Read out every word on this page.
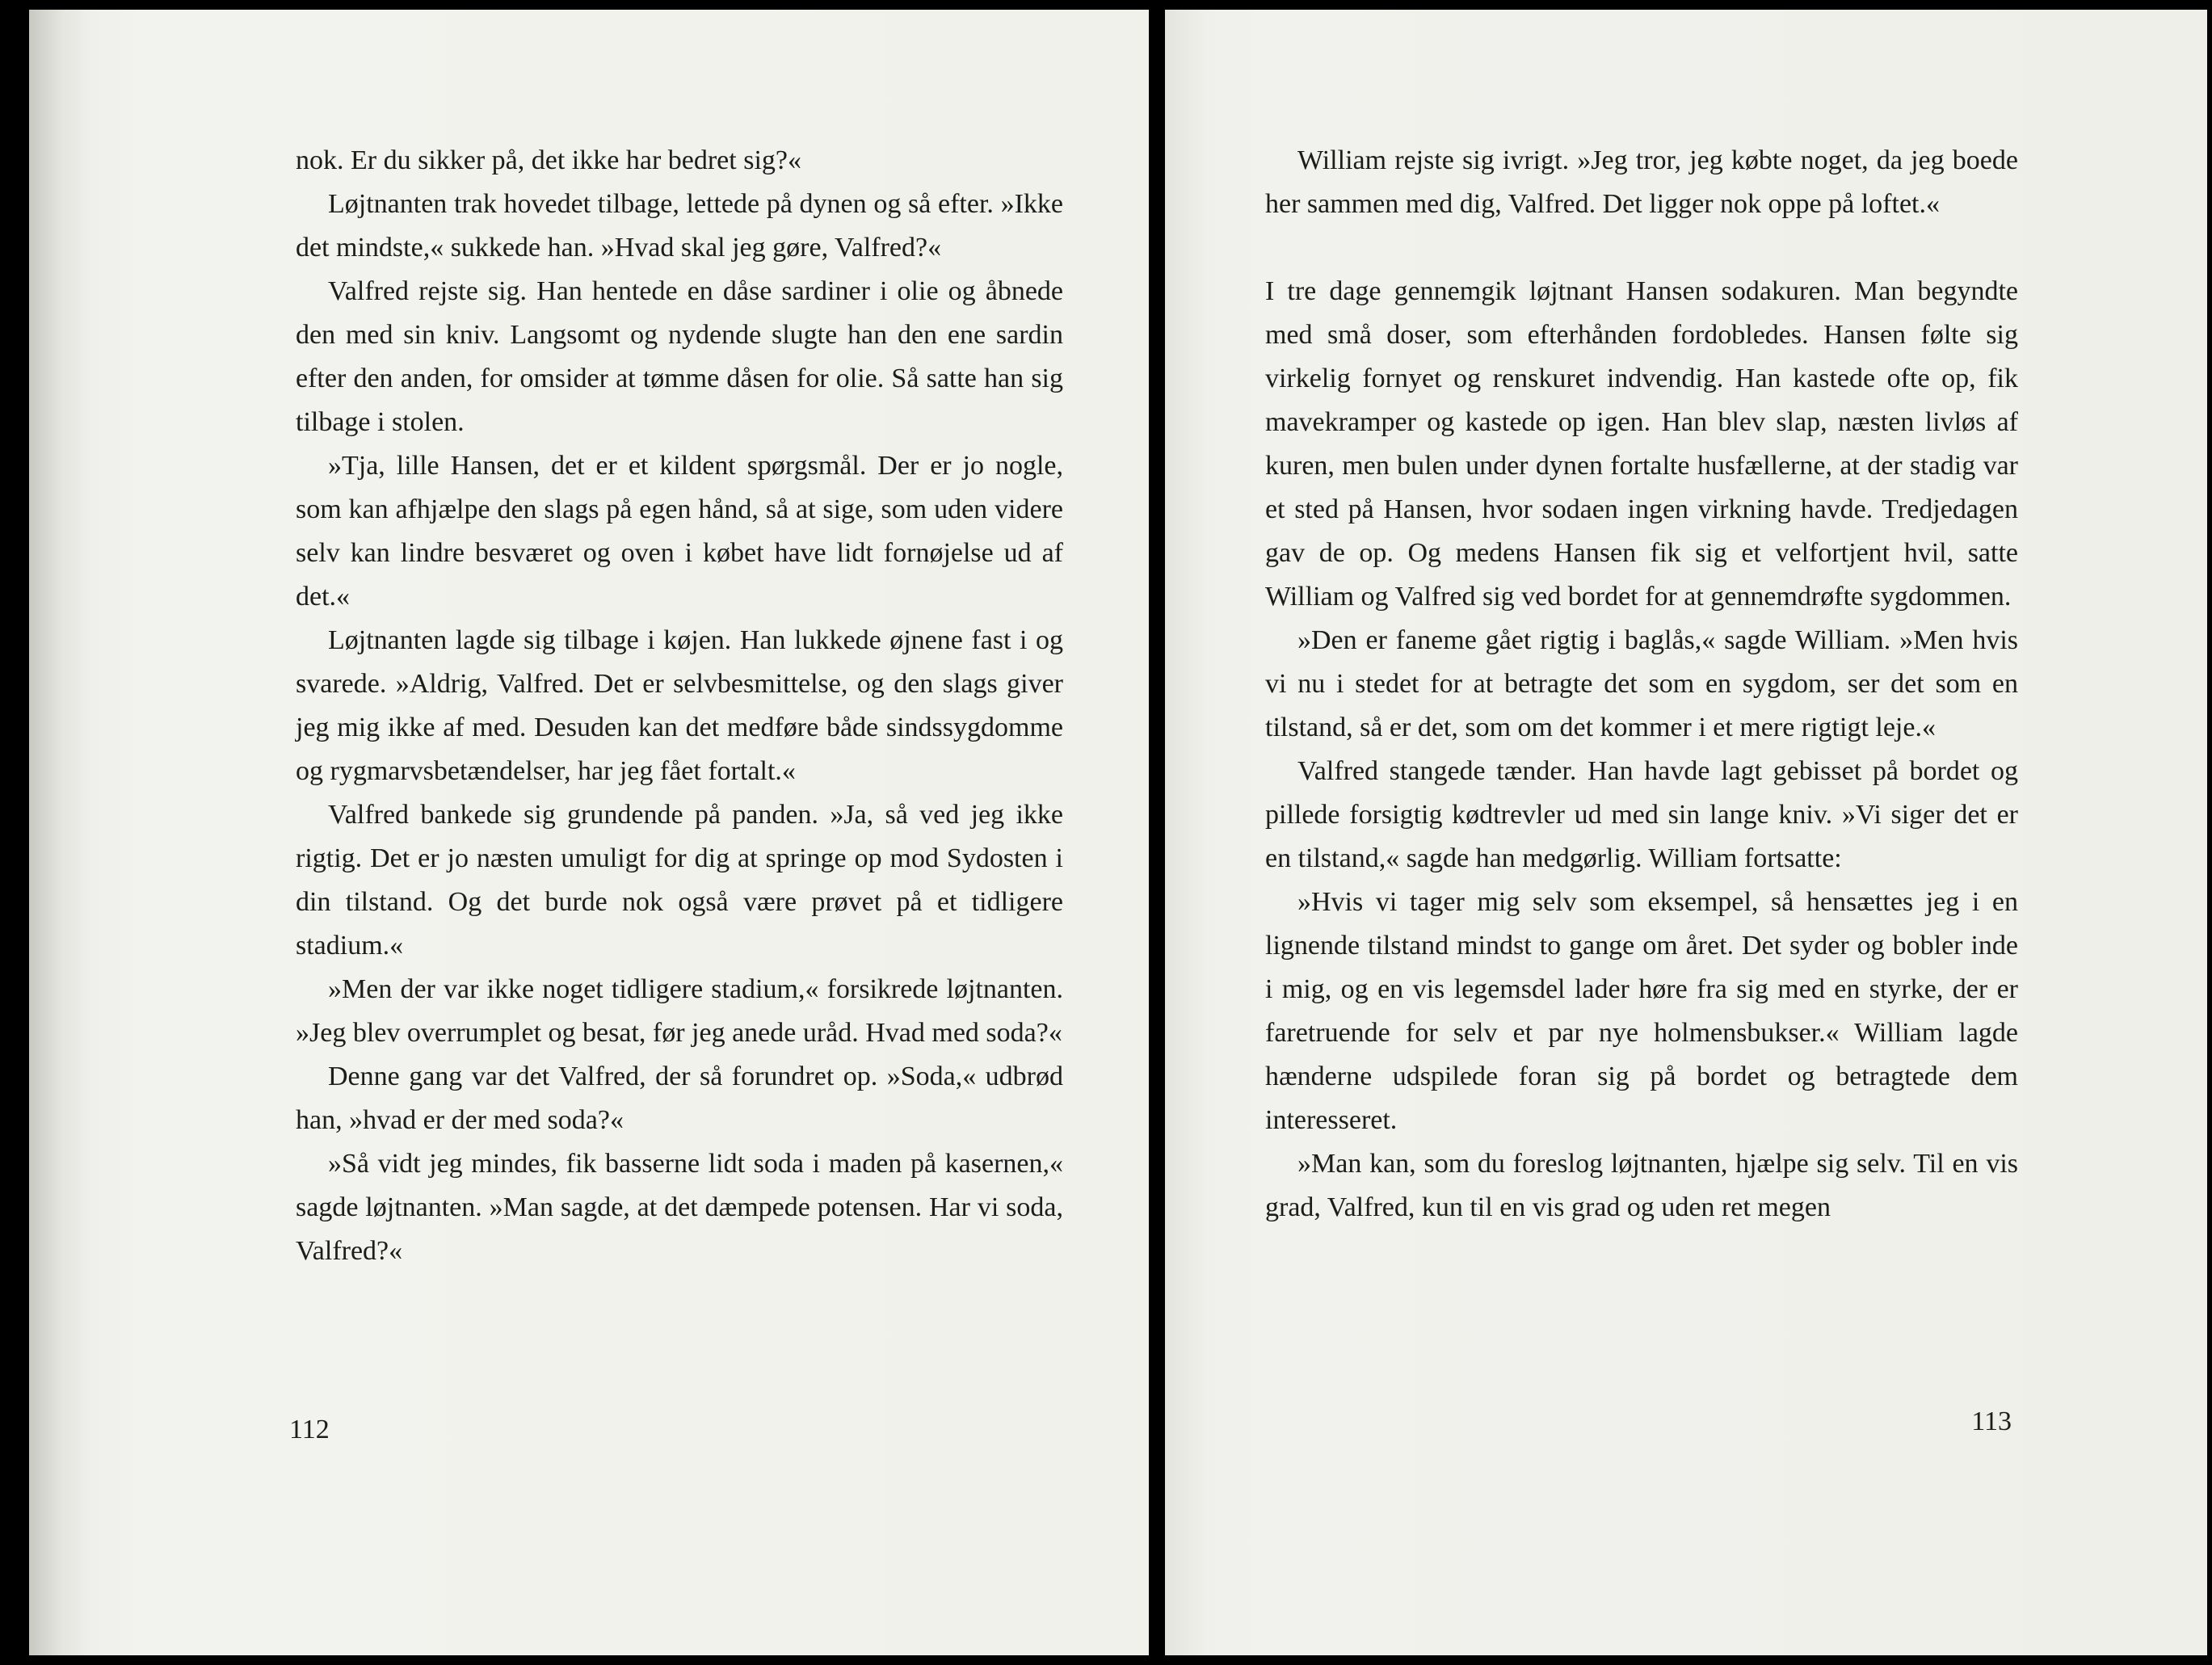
nok. Er du sikker på, det ikke har bedret sig?«

Løjtnanten trak hovedet tilbage, lettede på dynen og så efter. »Ikke det mindste,« sukkede han. »Hvad skal jeg gøre, Valfred?«

Valfred rejste sig. Han hentede en dåse sardiner i olie og åbnede den med sin kniv. Langsomt og nydende slugte han den ene sardin efter den anden, for omsider at tømme dåsen for olie. Så satte han sig tilbage i stolen.

»Tja, lille Hansen, det er et kildent spørgsmål. Der er jo nogle, som kan afhjælpe den slags på egen hånd, så at sige, som uden videre selv kan lindre besværet og oven i købet have lidt fornøjelse ud af det.«

Løjtnanten lagde sig tilbage i køjen. Han lukkede øjnene fast i og svarede. »Aldrig, Valfred. Det er selvbesmittelse, og den slags giver jeg mig ikke af med. Desuden kan det medføre både sindssygdomme og rygmarvsbetændelser, har jeg fået fortalt.«

Valfred bankede sig grundende på panden. »Ja, så ved jeg ikke rigtig. Det er jo næsten umuligt for dig at springe op mod Sydosten i din tilstand. Og det burde nok også være prøvet på et tidligere stadium.«

»Men der var ikke noget tidligere stadium,« forsikrede løjtnanten. »Jeg blev overrumplet og besat, før jeg anede uråd. Hvad med soda?«

Denne gang var det Valfred, der så forundret op. »Soda,« udbrød han, »hvad er der med soda?«

»Så vidt jeg mindes, fik basserne lidt soda i maden på kasernen,« sagde løjtnanten. »Man sagde, at det dæmpede potensen. Har vi soda, Valfred?«

112

William rejste sig ivrigt. »Jeg tror, jeg købte noget, da jeg boede her sammen med dig, Valfred. Det ligger nok oppe på loftet.«

I tre dage gennemgik løjtnant Hansen sodakuren. Man begyndte med små doser, som efterhånden fordobledes. Hansen følte sig virkelig fornyet og renskuret indvendig. Han kastede ofte op, fik mavekramper og kastede op igen. Han blev slap, næsten livløs af kuren, men bulen under dynen fortalte husfællerne, at der stadig var et sted på Hansen, hvor sodaen ingen virkning havde. Tredjedagen gav de op. Og medens Hansen fik sig et velfortjent hvil, satte William og Valfred sig ved bordet for at gennemdrøfte sygdommen.

»Den er faneme gået rigtig i baglås,« sagde William. »Men hvis vi nu i stedet for at betragte det som en sygdom, ser det som en tilstand, så er det, som om det kommer i et mere rigtigt leje.«

Valfred stangede tænder. Han havde lagt gebisset på bordet og pillede forsigtig kødtrevler ud med sin lange kniv. »Vi siger det er en tilstand,« sagde han medgørlig. William fortsatte:

»Hvis vi tager mig selv som eksempel, så hensættes jeg i en lignende tilstand mindst to gange om året. Det syder og bobler inde i mig, og en vis legemsdel lader høre fra sig med en styrke, der er faretruende for selv et par nye holmensbukser.« William lagde hænderne udspilede foran sig på bordet og betragtede dem interesseret.

»Man kan, som du foreslog løjtnanten, hjælpe sig selv. Til en vis grad, Valfred, kun til en vis grad og uden ret megen

113
